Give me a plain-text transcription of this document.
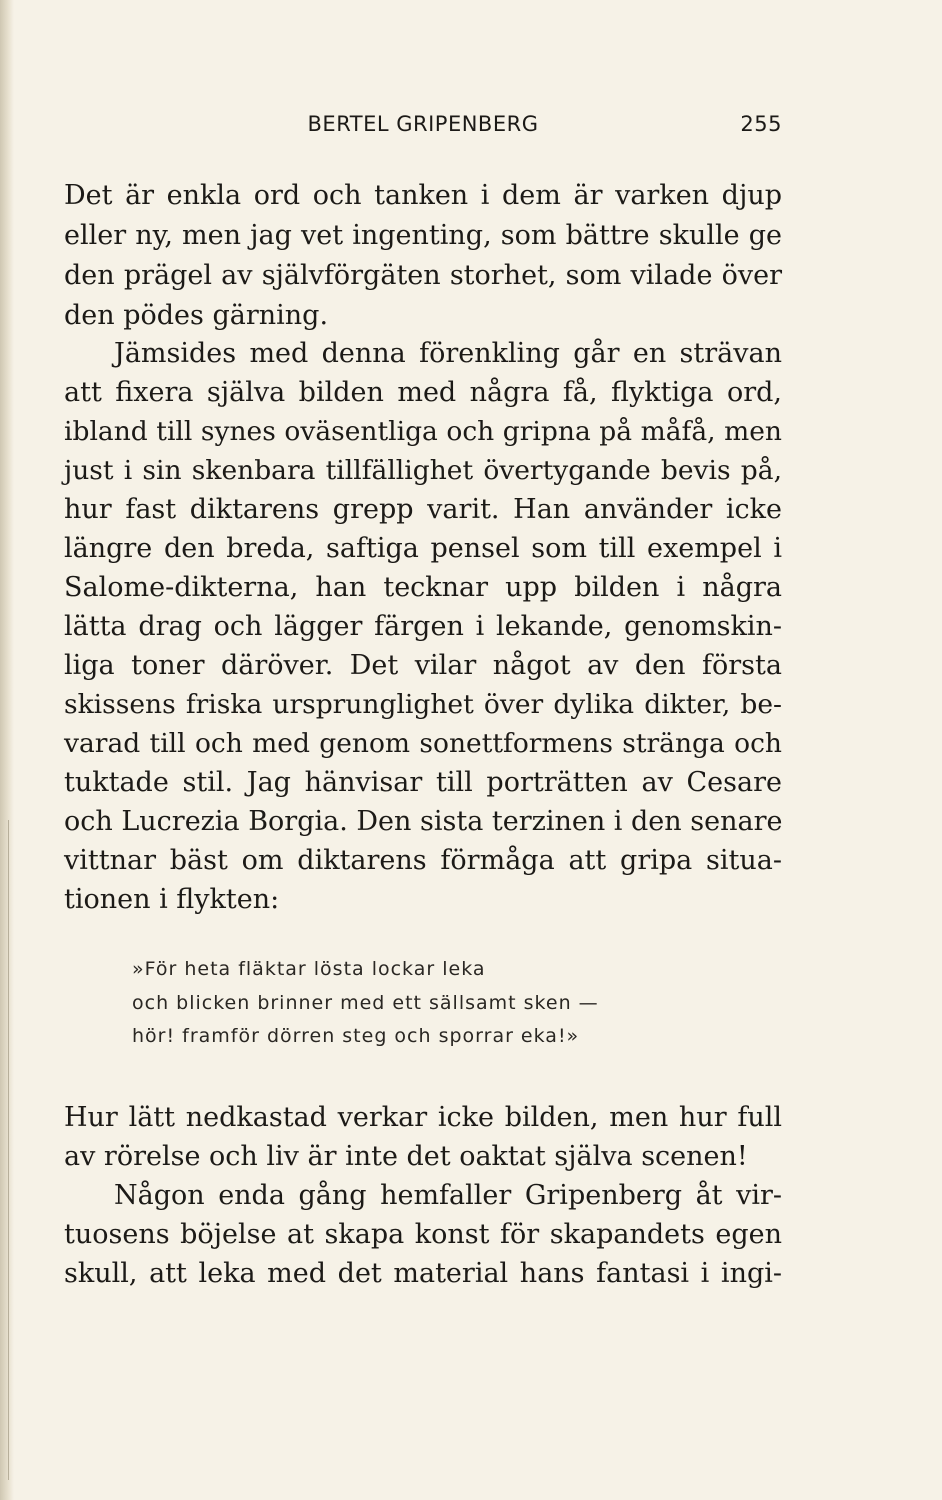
BERTEL GRIPENBERG	255
Det är enkla ord och tanken i dem är varken djup
eller ny, men jag vet ingenting, som bättre skulle ge
den prägel av självförgäten storhet, som vilade över
den pödes gärning.
Jämsides med denna förenkling går en strävan
att fixera själva bilden med några få, flyktiga ord,
ibland till synes oväsentliga och gripna på måfå, men
just i sin skenbara tillfällighet övertygande bevis på,
hur fast diktarens grepp varit. Han använder icke
längre den breda, saftiga pensel som till exempel i
Salome-dikterna, han tecknar upp bilden i några
lätta drag och lägger färgen i lekande, genomskin-
liga toner däröver. Det vilar något av den första
skissens friska ursprunglighet över dylika dikter, be-
varad till och med genom sonettformens stränga och
tuktade stil. Jag hänvisar till porträtten av Cesare
och Lucrezia Borgia. Den sista terzinen i den senare
vittnar bäst om diktarens förmåga att gripa situa-
tionen i flykten:
»För heta fläktar lösta lockar leka
och blicken brinner med ett sällsamt sken —
hör! framför dörren steg och sporrar eka!»
Hur lätt nedkastad verkar icke bilden, men hur full
av rörelse och liv är inte det oaktat själva scenen!
Någon enda gång hemfaller Gripenberg åt vir-
tuosens böjelse at skapa konst för skapandets egen
skull, att leka med det material hans fantasi i ingi-
